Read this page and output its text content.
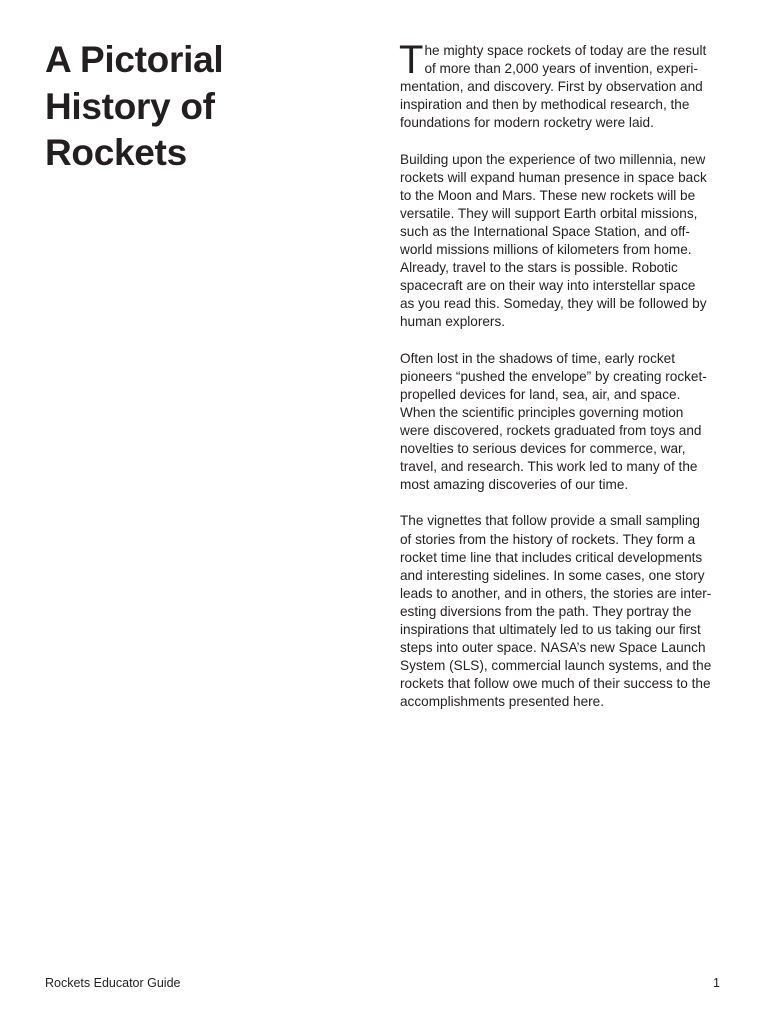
A Pictorial
History of
Rockets

T he mighty space rockets of today are the result
of more than 2,000 years of invention, experi-
mentation, and discovery. First by observation and
inspiration and then by methodical research, the
foundations for modern rocketry were laid.

Building upon the experience of two millennia, new
rockets will expand human presence in space back
to the Moon and Mars. These new rockets will be
versatile. They will support Earth orbital missions,
such as the International Space Station, and off-
world missions millions of kilometers from home.
Already, travel to the stars is possible. Robotic
spacecraft are on their way into interstellar space
as you read this. Someday, they will be followed by
human explorers.

Often lost in the shadows of time, early rocket
pioneers “pushed the envelope” by creating rocket-
propelled devices for land, sea, air, and space.
When the scientific principles governing motion
were discovered, rockets graduated from toys and
novelties to serious devices for commerce, war,
travel, and research. This work led to many of the
most amazing discoveries of our time.

The vignettes that follow provide a small sampling
of stories from the history of rockets. They form a
rocket time line that includes critical developments
and interesting sidelines. In some cases, one story
leads to another, and in others, the stories are inter-
esting diversions from the path. They portray the
inspirations that ultimately led to us taking our first
steps into outer space. NASA’s new Space Launch
System (SLS), commercial launch systems, and the
rockets that follow owe much of their success to the
accomplishments presented here.

Rockets Educator Guide	1
